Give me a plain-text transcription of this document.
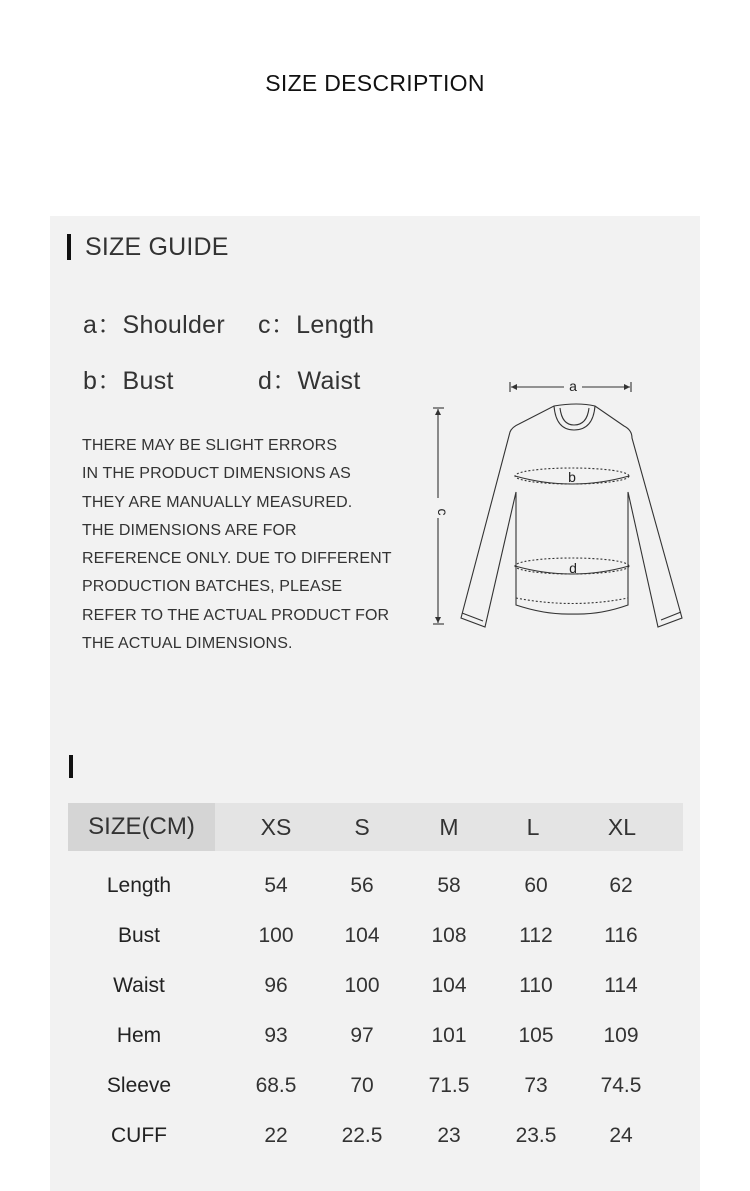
SIZE DESCRIPTION
SIZE GUIDE
a：Shoulder c：Length
b：Bust	d：Waist
THERE MAY BE SLIGHT ERRORS
IN THE PRODUCT DIMENSIONS AS
THEY ARE MANUALLY MEASURED.
THE DIMENSIONS ARE FOR
REFERENCE ONLY. DUE TO DIFFERENT
PRODUCTION BATCHES, PLEASE
REFER TO THE ACTUAL PRODUCT FOR
THE ACTUAL DIMENSIONS.
a
b
d
c
SIZE(CM)	XS	S	M	L	XL
Length	54	56	58	60	62
Bust	100	104	108	112	116
Waist	96	100	104	110	114
Hem	93	97	101	105	109
Sleeve	68.5	70	71.5	73	74.5
CUFF	22	22.5	23	23.5	24
